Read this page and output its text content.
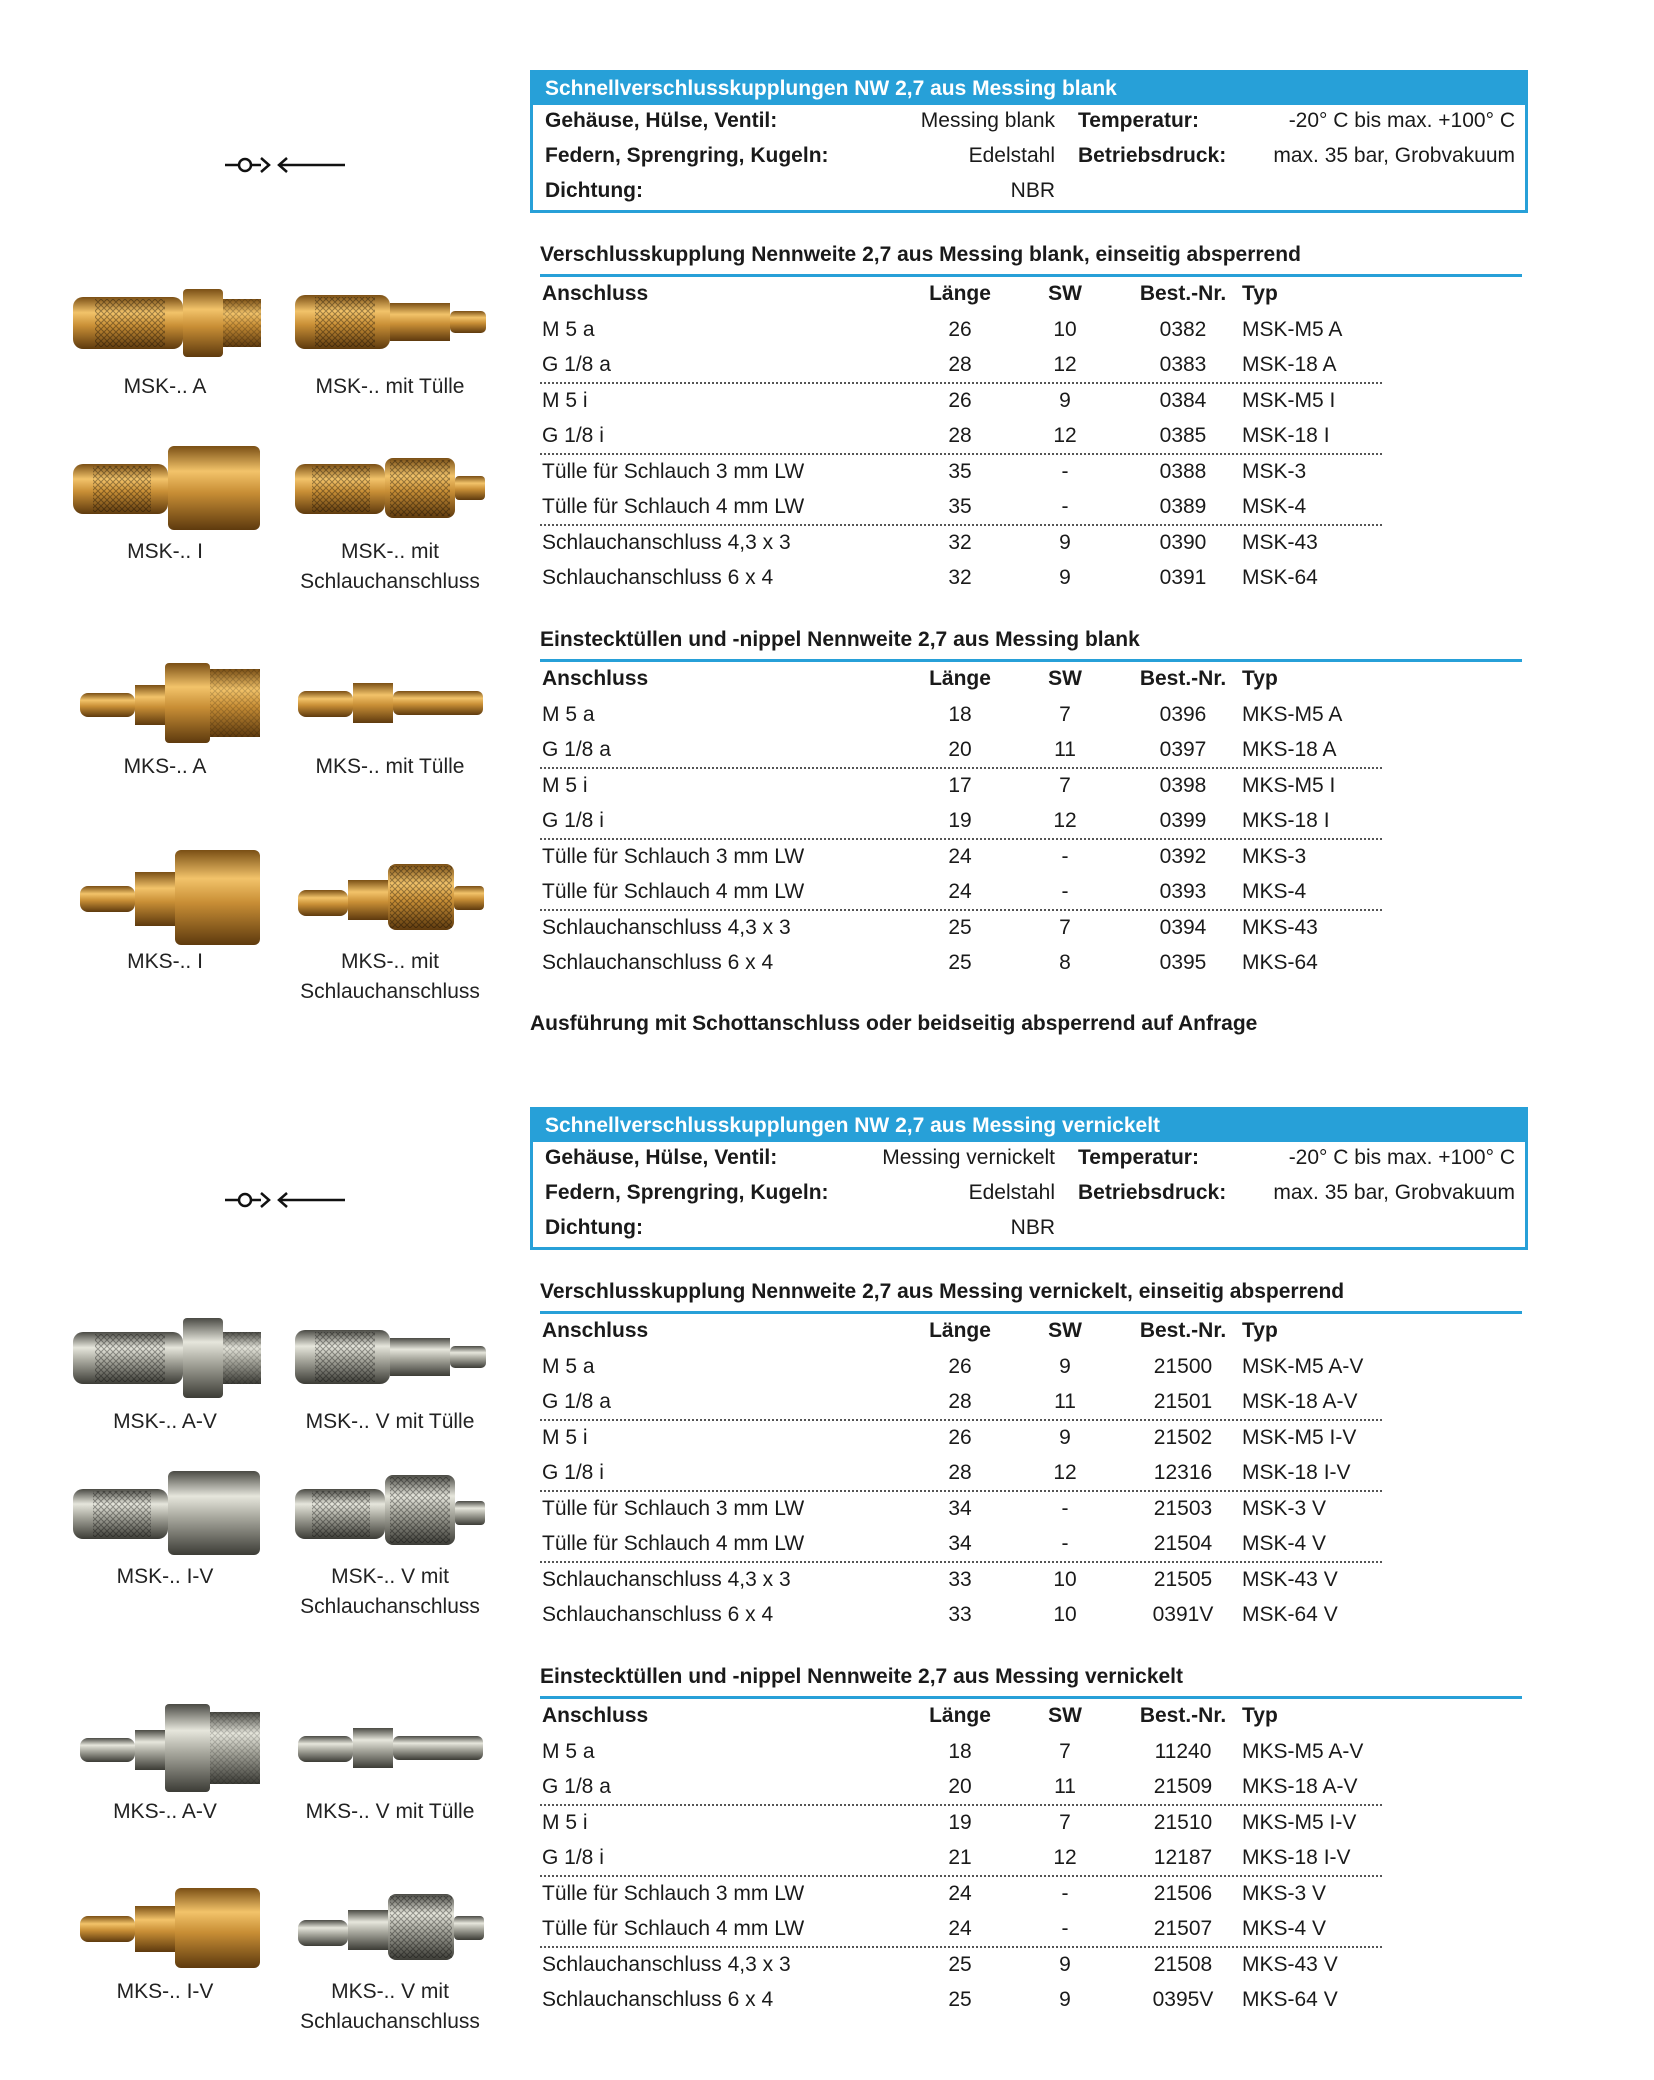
MSK-.. A	MSK-.. mit Tülle
MSK-.. I	MSK-.. mit
Schlauchanschluss
MKS-.. A	MKS-.. mit Tülle
MKS-.. I	MKS-.. mit
Schlauchanschluss
Schnellverschlusskupplungen NW 2,7 aus Messing blank
Gehäuse, Hülse, Ventil:	Messing blank Temperatur:	-20° C bis max. +100° C
Federn, Sprengring, Kugeln:	Edelstahl Betriebsdruck: max. 35 bar, Grobvakuum
Dichtung:	NBR
Verschlusskupplung Nennweite 2,7 aus Messing blank, einseitig absperrend
Anschluss	Länge	SW	Best.-Nr. Typ
M 5 a	26	10	0382	MSK-M5 A
G 1/8 a	28	12	0383	MSK-18 A
M 5 i	26	9	0384	MSK-M5 I
G 1/8 i	28	12	0385	MSK-18 I
Tülle für Schlauch 3 mm LW	35	-	0388	MSK-3
Tülle für Schlauch 4 mm LW	35	-	0389	MSK-4
Schlauchanschluss 4,3 x 3	32	9	0390	MSK-43
Schlauchanschluss 6 x 4	32	9	0391	MSK-64
Einstecktüllen und -nippel Nennweite 2,7 aus Messing blank
Anschluss	Länge	SW	Best.-Nr. Typ
M 5 a	18	7	0396	MKS-M5 A
G 1/8 a	20	11	0397	MKS-18 A
M 5 i	17	7	0398	MKS-M5 I
G 1/8 i	19	12	0399	MKS-18 I
Tülle für Schlauch 3 mm LW	24	-	0392	MKS-3
Tülle für Schlauch 4 mm LW	24	-	0393	MKS-4
Schlauchanschluss 4,3 x 3	25	7	0394	MKS-43
Schlauchanschluss 6 x 4	25	8	0395	MKS-64
Ausführung mit Schottanschluss oder beidseitig absperrend auf Anfrage
MSK-.. A-V	MSK-.. V mit Tülle
MSK-.. I-V	MSK-.. V mit
Schlauchanschluss
MKS-.. A-V	MKS-.. V mit Tülle
MKS-.. I-V	MKS-.. V mit
Schlauchanschluss
Schnellverschlusskupplungen NW 2,7 aus Messing vernickelt
Gehäuse, Hülse, Ventil:	Messing vernickelt Temperatur:	-20° C bis max. +100° C
Federn, Sprengring, Kugeln:	Edelstahl Betriebsdruck: max. 35 bar, Grobvakuum
Dichtung:	NBR
Verschlusskupplung Nennweite 2,7 aus Messing vernickelt, einseitig absperrend
Anschluss	Länge	SW	Best.-Nr. Typ
M 5 a	26	9	21500	MSK-M5 A-V
G 1/8 a	28	11	21501	MSK-18 A-V
M 5 i	26	9	21502	MSK-M5 I-V
G 1/8 i	28	12	12316	MSK-18 I-V
Tülle für Schlauch 3 mm LW	34	-	21503	MSK-3 V
Tülle für Schlauch 4 mm LW	34	-	21504	MSK-4 V
Schlauchanschluss 4,3 x 3	33	10	21505	MSK-43 V
Schlauchanschluss 6 x 4	33	10	0391V	MSK-64 V
Einstecktüllen und -nippel Nennweite 2,7 aus Messing vernickelt
Anschluss	Länge	SW	Best.-Nr. Typ
M 5 a	18	7	11240	MKS-M5 A-V
G 1/8 a	20	11	21509	MKS-18 A-V
M 5 i	19	7	21510	MKS-M5 I-V
G 1/8 i	21	12	12187	MKS-18 I-V
Tülle für Schlauch 3 mm LW	24	-	21506	MKS-3 V
Tülle für Schlauch 4 mm LW	24	-	21507	MKS-4 V
Schlauchanschluss 4,3 x 3	25	9	21508	MKS-43 V
Schlauchanschluss 6 x 4	25	9	0395V	MKS-64 V
